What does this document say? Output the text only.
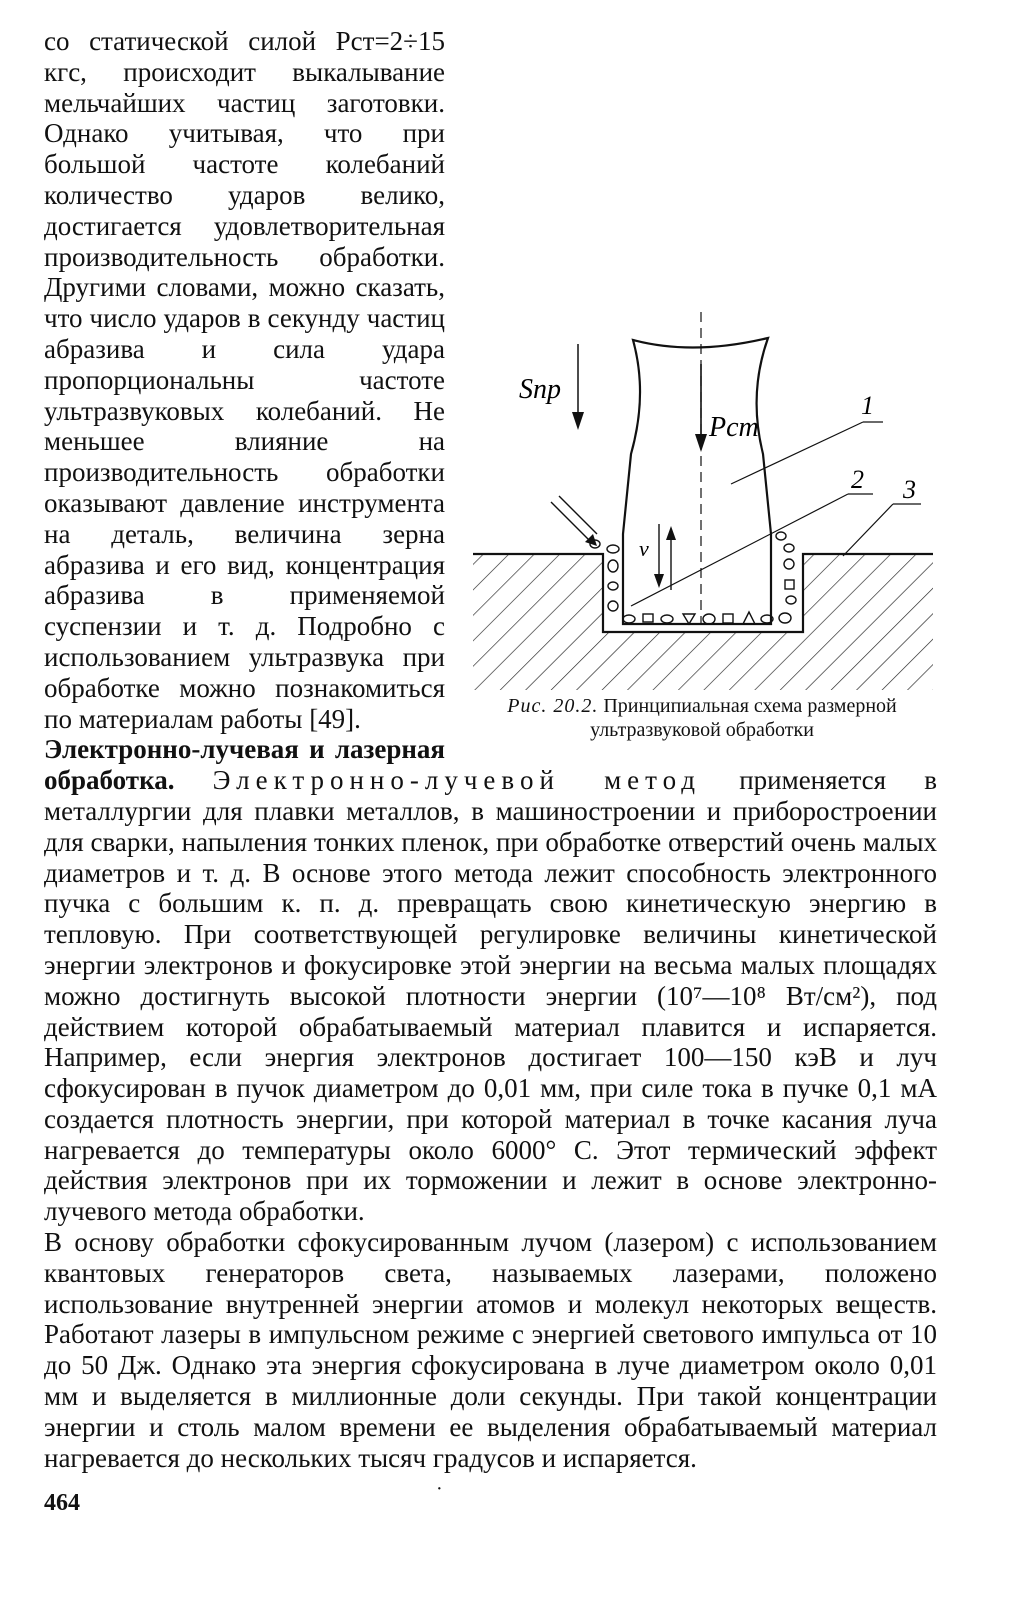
Sпр
Pст
v
1
2 3
Рис. 20.2. Принципиальная схема размерной ультразвуковой обработки

со статической силой Pст=2÷15 кгс, происходит выкалывание мельчайших частиц заготовки. Однако учитывая, что при большой частоте колебаний количество ударов велико, достигается удовлетворительная производительность обработки. Другими словами, можно сказать, что число ударов в секунду частиц абразива и сила удара пропорциональны частоте ультразвуковых колебаний. Не меньшее влияние на производительность обработки оказывают давление инструмента на деталь, величина зерна абразива и его вид, концентрация абразива в применяемой суспензии и т. д. Подробно с использованием ультразвука при обработке можно познакомиться по материалам работы [49].

Электронно-лучевая и лазерная обработка. Электронно-лучевой метод применяется в металлургии для плавки металлов, в машиностроении и приборостроении для сварки, напыления тонких пленок, при обработке отверстий очень малых диаметров и т. д. В основе этого метода лежит способность электронного пучка с большим к. п. д. превращать свою кинетическую энергию в тепловую. При соответствующей регулировке величины кинетической энергии электронов и фокусировке этой энергии на весьма малых площадях можно достигнуть высокой плотности энергии (10⁷—10⁸ Вт/см²), под действием которой обрабатываемый материал плавится и испаряется. Например, если энергия электронов достигает 100—150 кэВ и луч сфокусирован в пучок диаметром до 0,01 мм, при силе тока в пучке 0,1 мА создается плотность энергии, при которой материал в точке касания луча нагревается до температуры около 6000° С. Этот термический эффект действия электронов при их торможении и лежит в основе электронно-лучевого метода обработки.

В основу обработки сфокусированным лучом (лазером) с использованием квантовых генераторов света, называемых лазерами, положено использование внутренней энергии атомов и молекул некоторых веществ. Работают лазеры в импульсном режиме с энергией светового импульса от 10 до 50 Дж. Однако эта энергия сфокусирована в луче диаметром около 0,01 мм и выделяется в миллионные доли секунды. При такой концентрации энергии и столь малом времени ее выделения обрабатываемый материал нагревается до нескольких тысяч градусов и испаряется.

·
464
